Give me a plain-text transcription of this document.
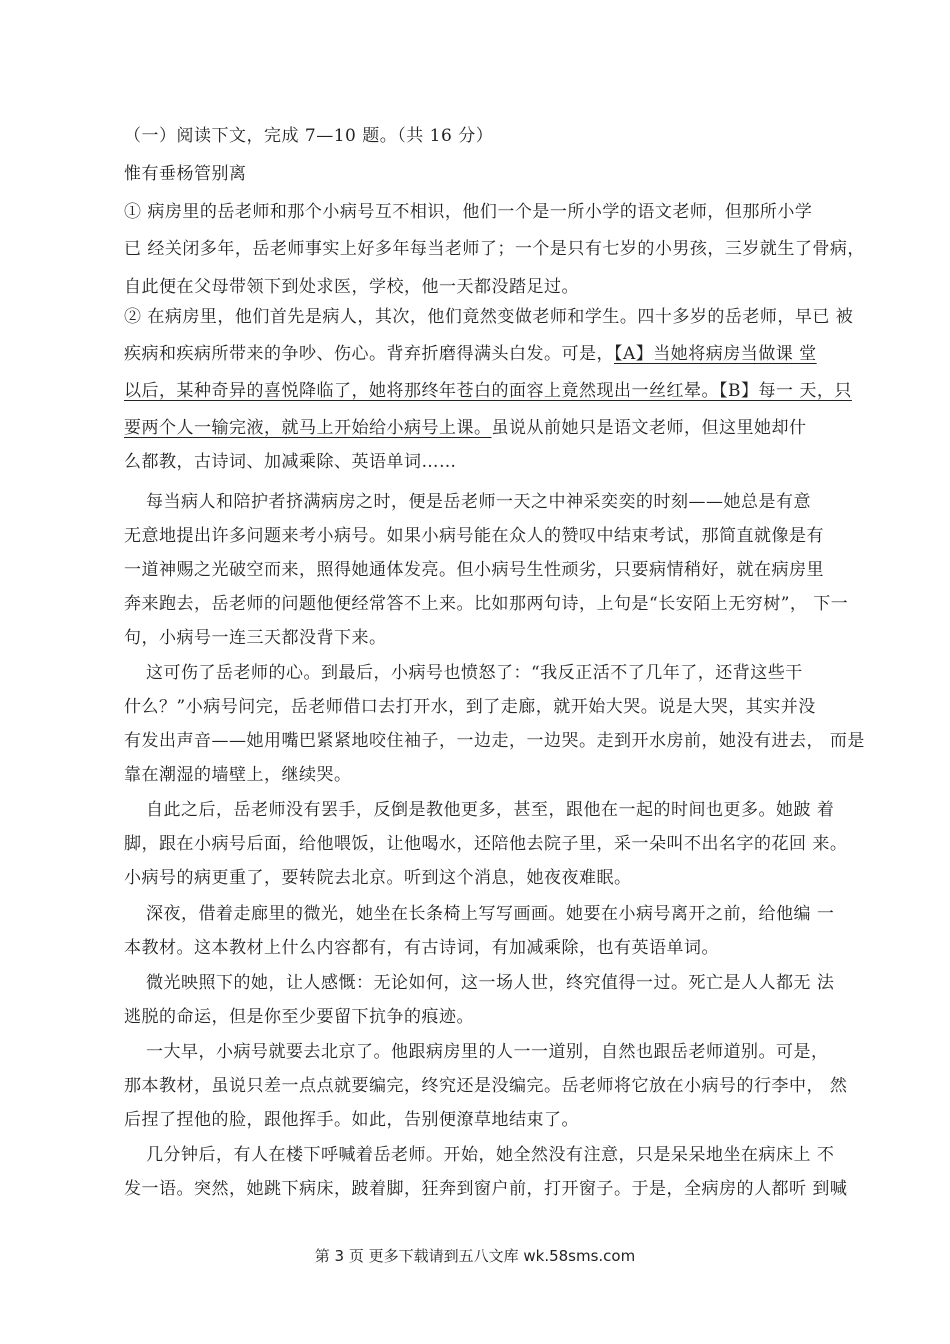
（一）阅读下文，完成 7—10 题。（共 16 分）
惟有垂杨管别离
① 病房里的岳老师和那个小病号互不相识，他们一个是一所小学的语文老师，但那所小学
已 经关闭多年，岳老师事实上好多年每当老师了；一个是只有七岁的小男孩，三岁就生了骨病，
自此便在父母带领下到处求医，学校，他一天都没踏足过。
② 在病房里，他们首先是病人，其次，他们竟然变做老师和学生。四十多岁的岳老师，早已 被
疾病和疾病所带来的争吵、伤心。背弃折磨得满头白发。可是，【A】当她将病房当做课 堂
以后，某种奇异的喜悦降临了，她将那终年苍白的面容上竟然现出一丝红晕。【B】每一 天，只
要两个人一输完液，就马上开始给小病号上课。虽说从前她只是语文老师，但这里她却什
么都教，古诗词、加减乘除、英语单词……
每当病人和陪护者挤满病房之时，便是岳老师一天之中神采奕奕的时刻——她总是有意
无意地提出许多问题来考小病号。如果小病号能在众人的赞叹中结束考试，那简直就像是有
一道神赐之光破空而来，照得她通体发亮。但小病号生性顽劣，只要病情稍好，就在病房里
奔来跑去，岳老师的问题他便经常答不上来。比如那两句诗，上句是“长安陌上无穷树”， 下一
句，小病号一连三天都没背下来。
这可伤了岳老师的心。到最后，小病号也愤怒了：“我反正活不了几年了，还背这些干
什么？”小病号问完，岳老师借口去打开水，到了走廊，就开始大哭。说是大哭，其实并没
有发出声音——她用嘴巴紧紧地咬住袖子，一边走，一边哭。走到开水房前，她没有进去， 而是
靠在潮湿的墙壁上，继续哭。
自此之后，岳老师没有罢手，反倒是教他更多，甚至，跟他在一起的时间也更多。她跛 着
脚，跟在小病号后面，给他喂饭，让他喝水，还陪他去院子里，采一朵叫不出名字的花回 来。
小病号的病更重了，要转院去北京。听到这个消息，她夜夜难眠。
深夜，借着走廊里的微光，她坐在长条椅上写写画画。她要在小病号离开之前，给他编 一
本教材。这本教材上什么内容都有，有古诗词，有加减乘除，也有英语单词。
微光映照下的她，让人感慨：无论如何，这一场人世，终究值得一过。死亡是人人都无 法
逃脱的命运，但是你至少要留下抗争的痕迹。
一大早，小病号就要去北京了。他跟病房里的人一一道别，自然也跟岳老师道别。可是，
那本教材，虽说只差一点点就要编完，终究还是没编完。岳老师将它放在小病号的行李中， 然
后捏了捏他的脸，跟他挥手。如此，告别便潦草地结束了。
几分钟后，有人在楼下呼喊着岳老师。开始，她全然没有注意，只是呆呆地坐在病床上 不
发一语。突然，她跳下病床，跛着脚，狂奔到窗户前，打开窗子。于是，全病房的人都听 到喊
第 3 页 更多下载请到五八文库 wk.58sms.com
